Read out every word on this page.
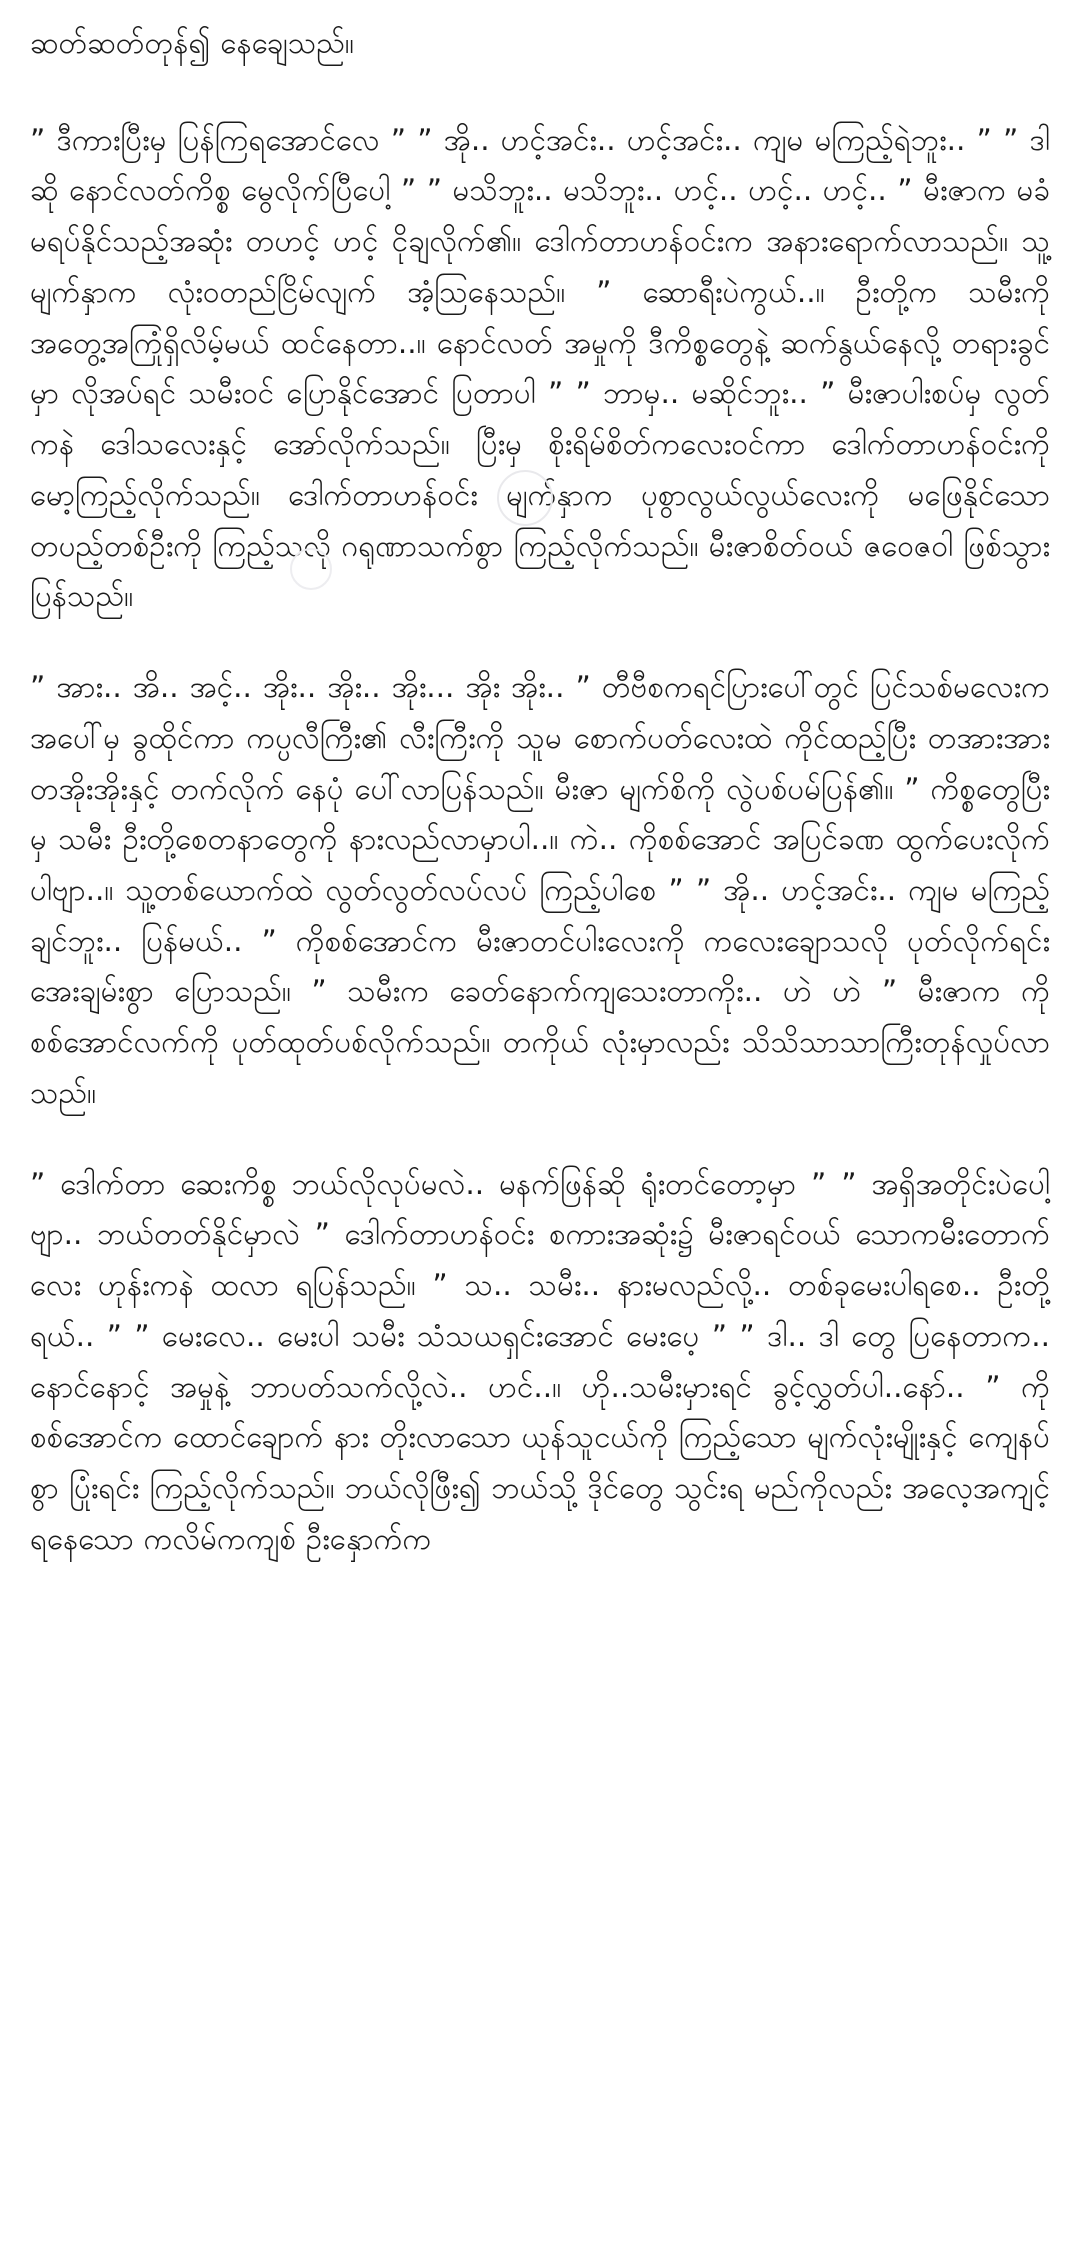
ဆတ်ဆတ်တုန်၍ နေချေသည်။

” ဒီကားပြီးမှ ပြန်ကြရအောင်လေ ” ” အို.. ဟင့်အင်း.. ဟင့်အင်း.. ကျမ မကြည့်ရဲဘူး.. ” ” ဒါဆို နောင်လတ်ကိစ္စ မွေလိုက်ပြီပေါ့ ” ” မသိဘူး.. မသိဘူး.. ဟင့်.. ဟင့်.. ဟင့်.. ” မီးဇာက မခံမရပ်နိုင်သည့်အဆုံး တဟင့် ဟင့် ငိုချလိုက်၏။ ဒေါက်တာဟန်ဝင်းက အနားရောက်လာသည်။ သူ့ မျက်နှာက လုံးဝတည်ငြိမ်လျက် အံ့ဩနေသည်။ ” ဆောရီးပဲကွယ်..။ ဦးတို့က သမီးကို အတွေ့အကြုံရှိလိမ့်မယ် ထင်နေတာ..။ နောင်လတ် အမှုကို ဒီကိစ္စတွေနဲ့ ဆက်နွယ်နေလို့ တရားခွင်မှာ လိုအပ်ရင် သမီးဝင် ပြောနိုင်အောင် ပြတာပါ ” ” ဘာမှ.. မဆိုင်ဘူး.. ” မီးဇာပါးစပ်မှ လွတ်ကနဲ ဒေါသလေးနှင့် အော်လိုက်သည်။ ပြီးမှ စိုးရိမ်စိတ်ကလေးဝင်ကာ ဒေါက်တာဟန်ဝင်းကို မော့ကြည့်လိုက်သည်။ ဒေါက်တာဟန်ဝင်း မျက်နှာက ပုစွာလွယ်လွယ်လေးကို မဖြေနိုင်သော တပည့်တစ်ဦးကို ကြည့်သလို ဂရုဏာသက်စွာ ကြည့်လိုက်သည်။ မီးဇာစိတ်ဝယ် ဇဝေဇဝါ ဖြစ်သွားပြန်သည်။

” အား.. အိ.. အင့်.. အိုး.. အိုး.. အိုး... အိုး အိုး.. ” တီဗီစကရင်ပြားပေါ်တွင် ပြင်သစ်မလေးက အပေါ်မှ ခွထိုင်ကာ ကပ္ပလီကြီး၏ လီးကြီးကို သူမ စောက်ပတ်လေးထဲ ကိုင်ထည့်ပြီး တအားအား တအိုးအိုးနှင့် တက်လိုက် နေပုံ ပေါ်လာပြန်သည်။ မီးဇာ မျက်စိကို လွဲပစ်ပမ်ပြန်၏။ ” ကိစ္စတွေပြီးမှ သမီး ဦးတို့စေတနာတွေကို နားလည်လာမှာပါ..။ ကဲ.. ကိုစစ်အောင် အပြင်ခဏ ထွက်ပေးလိုက်ပါဗျာ..။ သူ့တစ်ယောက်ထဲ လွတ်လွတ်လပ်လပ် ကြည့်ပါစေ ” ” အို.. ဟင့်အင်း.. ကျမ မကြည့်ချင်ဘူး.. ပြန်မယ်.. ” ကိုစစ်အောင်က မီးဇာတင်ပါးလေးကို ကလေးချောသလို ပုတ်လိုက်ရင်း အေးချမ်းစွာ ပြောသည်။ ” သမီးက ခေတ်နောက်ကျသေးတာကိုး.. ဟဲ ဟဲ ” မီးဇာက ကိုစစ်အောင်လက်ကို ပုတ်ထုတ်ပစ်လိုက်သည်။ တကိုယ် လုံးမှာလည်း သိသိသာသာကြီးတုန်လှုပ်လာသည်။

” ဒေါက်တာ ဆေးကိစ္စ ဘယ်လိုလုပ်မလဲ.. မနက်ဖြန်ဆို ရုံးတင်တော့မှာ ” ” အရှိအတိုင်းပဲပေါ့ဗျာ.. ဘယ်တတ်နိုင်မှာလဲ ” ဒေါက်တာဟန်ဝင်း စကားအဆုံး၌ မီးဇာရင်ဝယ် သောကမီးတောက်လေး ဟုန်းကနဲ ထလာ ရပြန်သည်။ ” သ.. သမီး.. နားမလည်လို့.. တစ်ခုမေးပါရစေ.. ဦးတို့ ရယ်.. ” ” မေးလေ.. မေးပါ သမီး သံသယရှင်းအောင် မေးပေ့ ” ” ဒါ.. ဒါ တွေ ပြနေတာက.. နောင်နောင့် အမှုနဲ့ ဘာပတ်သက်လို့လဲ.. ဟင်..။ ဟို..သမီးမှားရင် ခွင့်လွှတ်ပါ..နော်.. ” ကိုစစ်အောင်က ထောင်ချောက် နား တိုးလာသော ယုန်သူငယ်ကို ကြည့်သော မျက်လုံးမျိုးနှင့် ကျေနပ် စွာ ပြုံးရင်း ကြည့်လိုက်သည်။ ဘယ်လိုဖြီး၍ ဘယ်သို့ ဒိုင်တွေ သွင်းရ မည်ကိုလည်း အလေ့အကျင့်ရနေသော ကလိမ်ကကျစ် ဦးနှောက်က
